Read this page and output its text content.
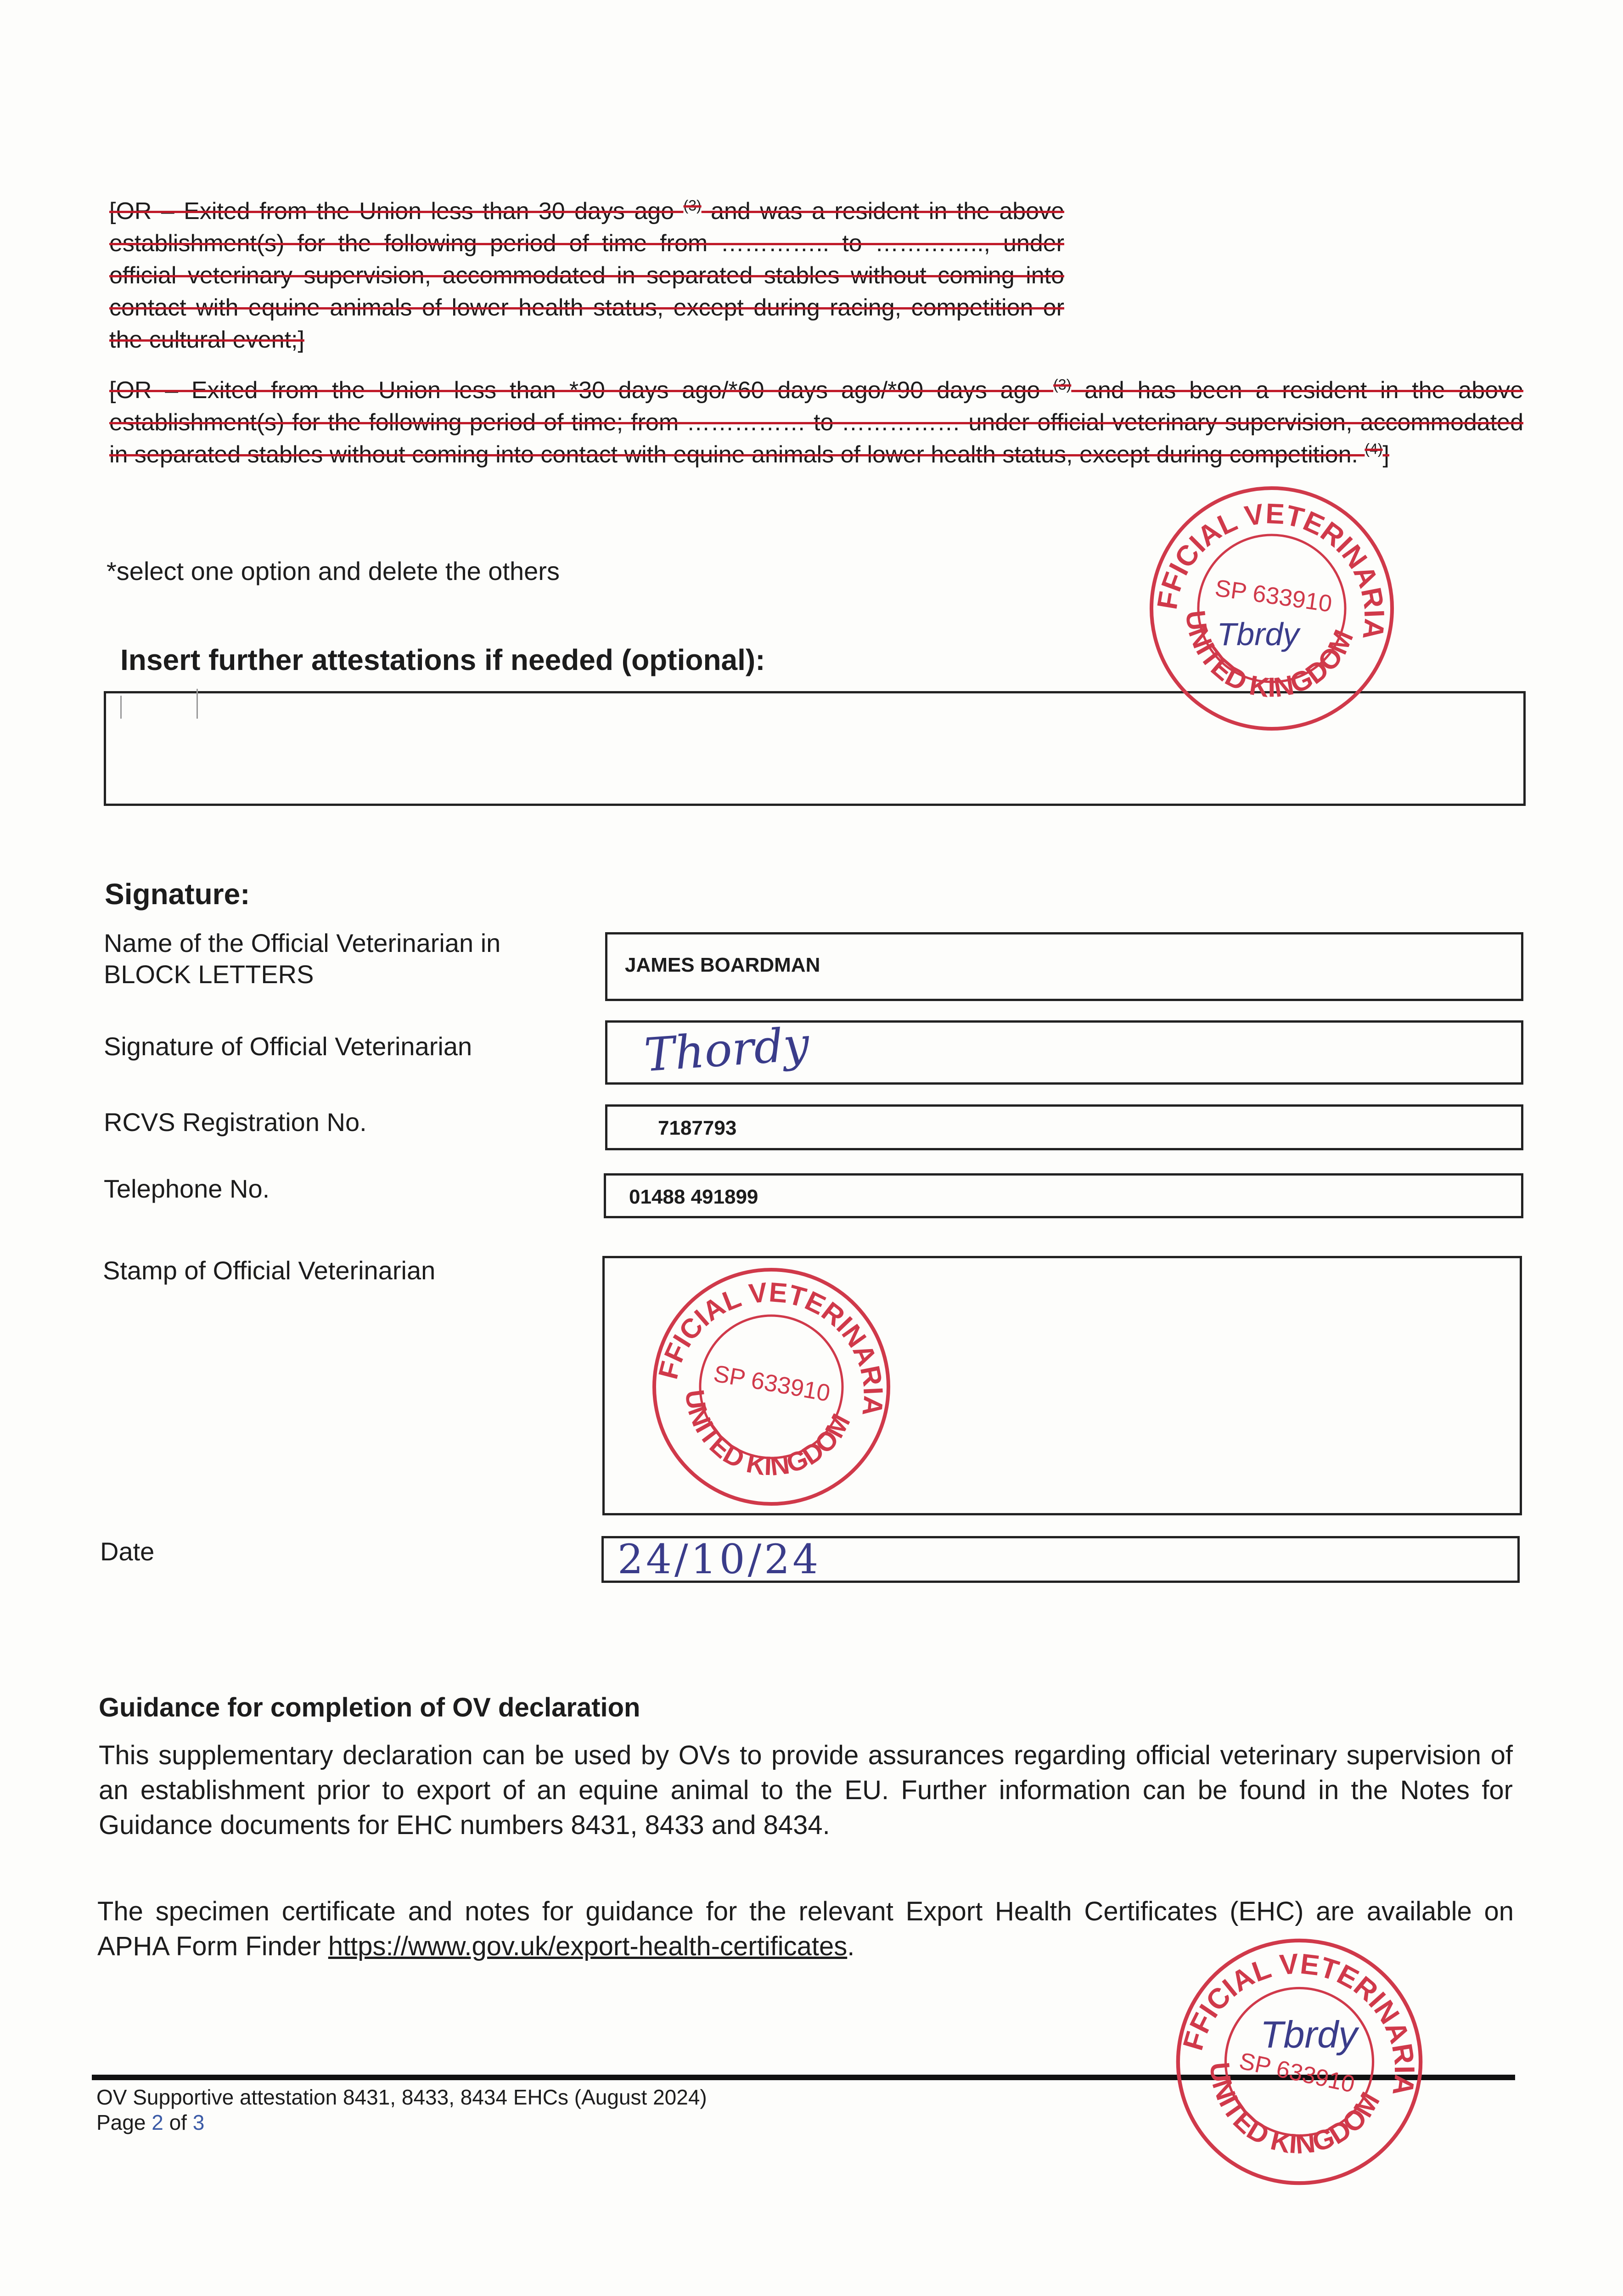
[OR – Exited from the Union less than 30 days ago $^{(3)}$ and was a resident in the above establishment(s) for the following period of time from ………….. to ………….., under official veterinary supervision, accommodated in separated stables without coming into contact with equine animals of lower health status, except during racing, competition or the cultural event;]
[OR – Exited from the Union less than *30 days ago/*60 days ago/*90 days ago $^{(3)}$ and has been a resident in the above establishment(s) for the following period of time; from …………… to …………… under official veterinary supervision, accommodated in separated stables without coming into contact with equine animals of lower health status, except during competition. $^{(4)}$]
*select one option and delete the others
Insert further attestations if needed (optional):
Signature:
Name of the Official Veterinarian in BLOCK LETTERS	JAMES BOARDMAN
Signature of Official Veterinarian	Thordy
RCVS Registration No.	7187793
Telephone No.	01488 491899
Stamp of Official Veterinarian
Date	24/10/24
Guidance for completion of OV declaration
This supplementary declaration can be used by OVs to provide assurances regarding official veterinary supervision of an establishment prior to export of an equine animal to the EU. Further information can be found in the Notes for Guidance documents for EHC numbers 8431, 8433 and 8434.
The specimen certificate and notes for guidance for the relevant Export Health Certificates (EHC) are available on APHA Form Finder https://www.gov.uk/export-health-certificates.
OV Supportive attestation 8431, 8433, 8434 EHCs (August 2024)
Page 2 of 3
OFFICIAL VETERINARIAN
UNITED KINGDOM
SP 633910
Tbrdy
OFFICIAL VETERINARIAN
UNITED KINGDOM
SP 633910
OFFICIAL VETERINARIAN
UNITED KINGDOM
SP 633910
Tbrdy
